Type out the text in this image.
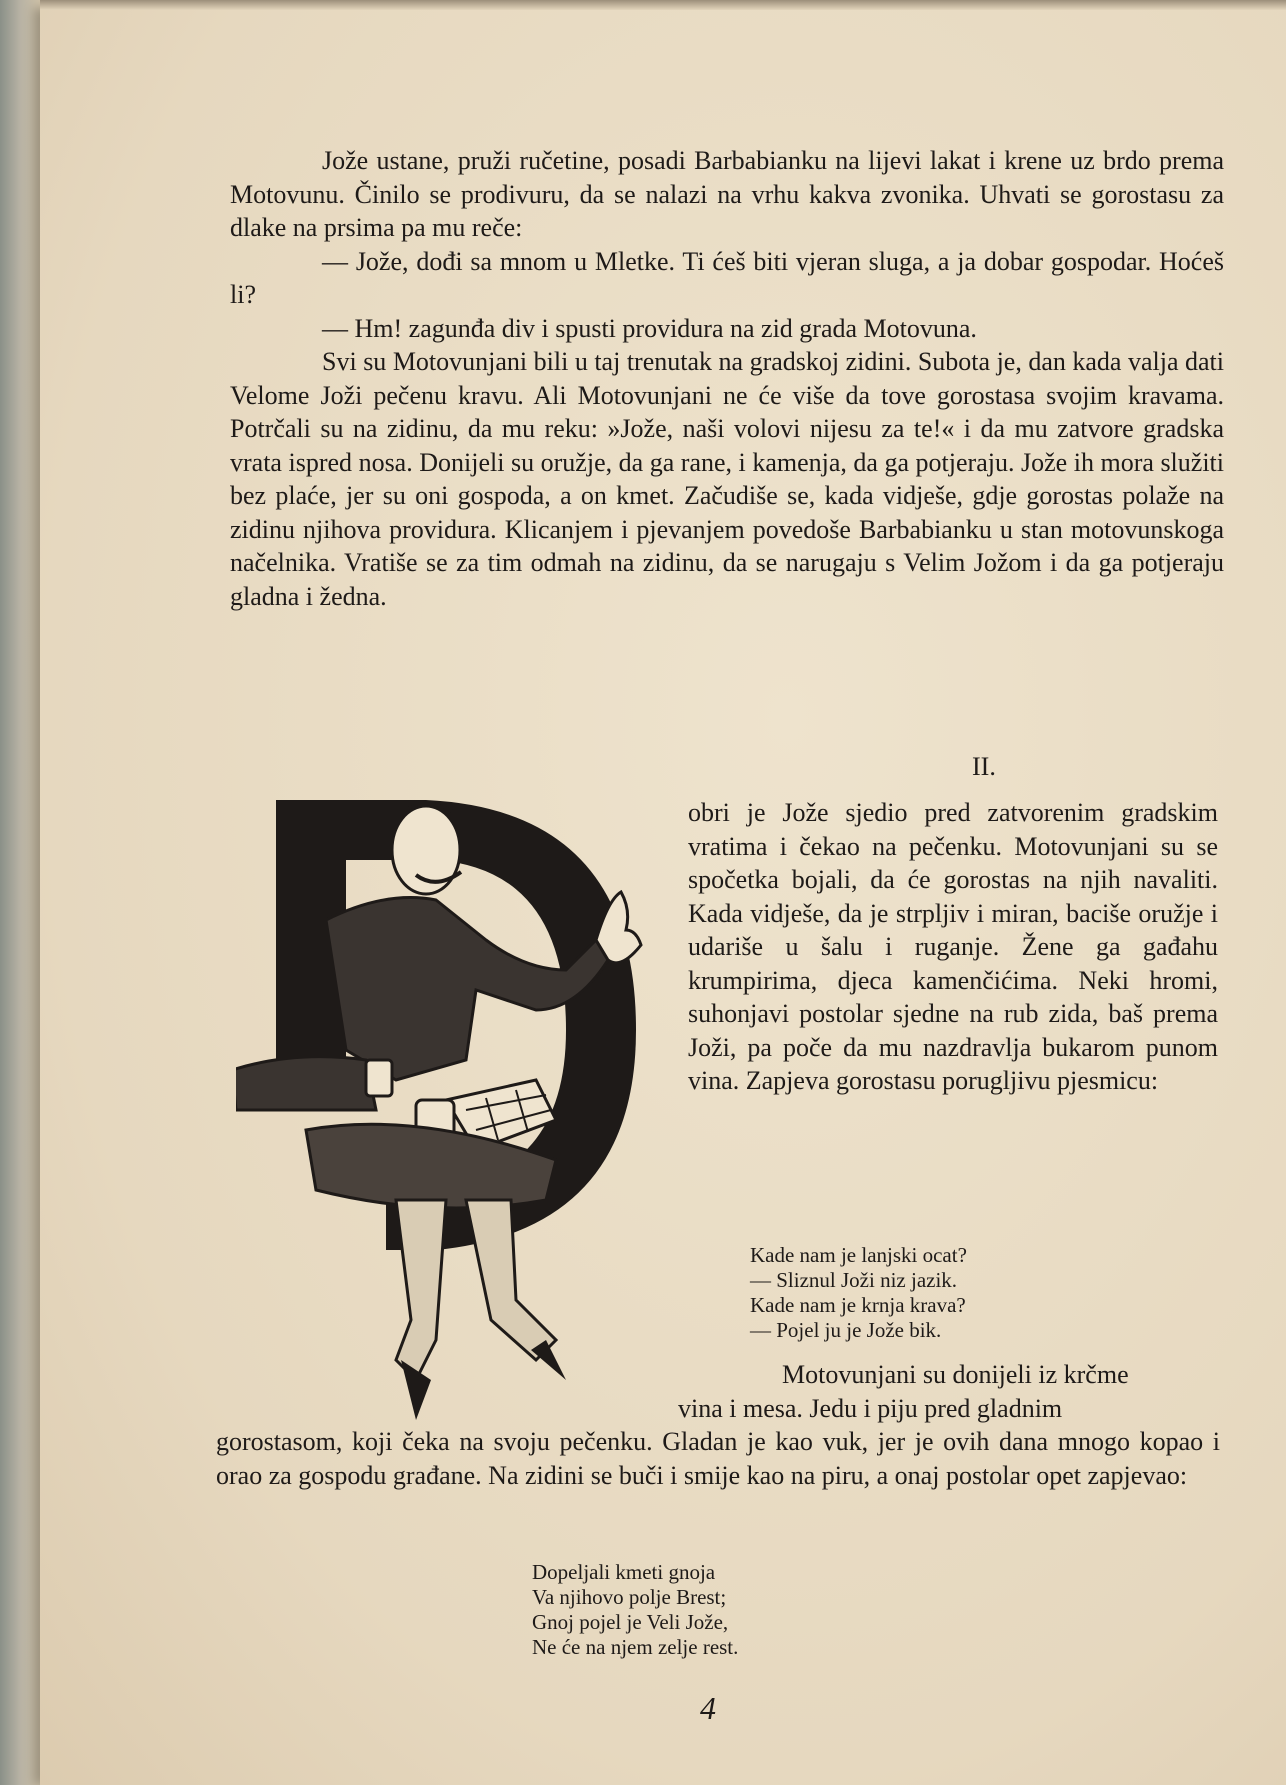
Jože ustane, pruži ručetine, posadi Barbabianku na lijevi lakat i krene uz brdo prema Motovunu. Činilo se prodivuru, da se nalazi na vrhu kakva zvonika. Uhvati se gorostasu za dlake na prsima pa mu reče:

— Jože, dođi sa mnom u Mletke. Ti ćeš biti vjeran sluga, a ja dobar gospodar. Hoćeš li?

— Hm! zagunđa div i spusti providura na zid grada Motovuna.

Svi su Motovunjani bili u taj trenutak na gradskoj zidini. Subota je, dan kada valja dati Velome Joži pečenu kravu. Ali Motovunjani ne će više da tove gorostasa svojim kravama. Potrčali su na zidinu, da mu reku: »Jože, naši volovi nijesu za te!« i da mu zatvore gradska vrata ispred nosa. Donijeli su oružje, da ga rane, i kamenja, da ga potjeraju. Jože ih mora služiti bez plaće, jer su oni gospoda, a on kmet. Začudiše se, kada vidješe, gdje gorostas polaže na zidinu njihova providura. Klicanjem i pjevanjem povedoše Barbabianku u stan motovunskoga načelnika. Vratiše se za tim odmah na zidinu, da se narugaju s Velim Jožom i da ga potjeraju gladna i žedna.

II.

obri je Jože sjedio pred zatvorenim gradskim vratima i čekao na pečenku. Motovunjani su se spočetka bojali, da će gorostas na njih navaliti. Kada vidješe, da je strpljiv i miran, baciše oružje i udariše u šalu i ruganje. Žene ga gađahu krumpirima, djeca kamenčićima. Neki hromi, suhonjavi postolar sjedne na rub zida, baš prema Joži, pa poče da mu nazdravlja bukarom punom vina. Zapjeva gorostasu porugljivu pjesmicu:

Kade nam je lanjski ocat?
— Sliznul Joži niz jazik.
Kade nam je krnja krava?
— Pojel ju je Jože bik.

Motovunjani su donijeli iz krčme

vina i mesa. Jedu i piju pred gladnim

gorostasom, koji čeka na svoju pečenku. Gladan je kao vuk, jer je ovih dana mnogo kopao i orao za gospodu građane. Na zidini se buči i smije kao na piru, a onaj postolar opet zapjevao:

Dopeljali kmeti gnoja
Va njihovo polje Brest;
Gnoj pojel je Veli Jože,
Ne će na njem zelje rest.
4
